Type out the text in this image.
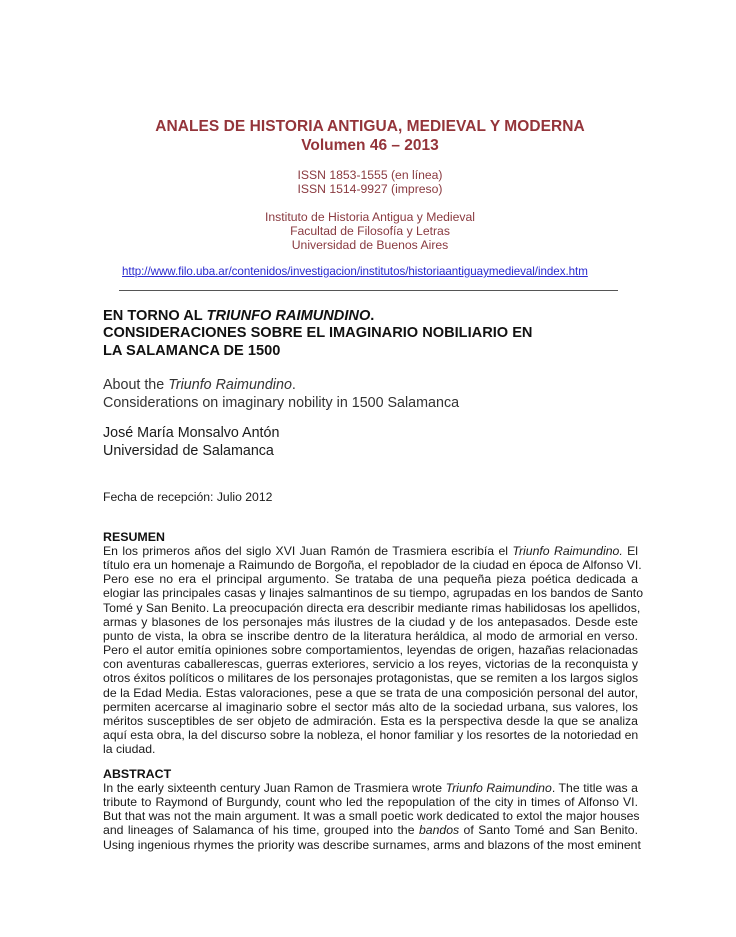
ANALES DE HISTORIA ANTIGUA, MEDIEVAL Y MODERNA
Volumen 46 – 2013
ISSN 1853-1555 (en línea)
ISSN 1514-9927 (impreso)
Instituto de Historia Antigua y Medieval
Facultad de Filosofía y Letras
Universidad de Buenos Aires
http://www.filo.uba.ar/contenidos/investigacion/institutos/historiaantiguaymedieval/index.htm
EN TORNO AL TRIUNFO RAIMUNDINO.
CONSIDERACIONES SOBRE EL IMAGINARIO NOBILIARIO EN
LA SALAMANCA DE 1500
About the Triunfo Raimundino.
Considerations on imaginary nobility in 1500 Salamanca
José María Monsalvo Antón
Universidad de Salamanca
Fecha de recepción: Julio 2012
RESUMEN
En los primeros años del siglo XVI Juan Ramón de Trasmiera escribía el Triunfo Raimundino. El
título era un homenaje a Raimundo de Borgoña, el repoblador de la ciudad en época de Alfonso VI.
Pero ese no era el principal argumento. Se trataba de una pequeña pieza poética dedicada a
elogiar las principales casas y linajes salmantinos de su tiempo, agrupadas en los bandos de Santo
Tomé y San Benito. La preocupación directa era describir mediante rimas habilidosas los apellidos,
armas y blasones de los personajes más ilustres de la ciudad y de los antepasados. Desde este
punto de vista, la obra se inscribe dentro de la literatura heráldica, al modo de armorial en verso.
Pero el autor emitía opiniones sobre comportamientos, leyendas de origen, hazañas relacionadas
con aventuras caballerescas, guerras exteriores, servicio a los reyes, victorias de la reconquista y
otros éxitos políticos o militares de los personajes protagonistas, que se remiten a los largos siglos
de la Edad Media. Estas valoraciones, pese a que se trata de una composición personal del autor,
permiten acercarse al imaginario sobre el sector más alto de la sociedad urbana, sus valores, los
méritos susceptibles de ser objeto de admiración. Esta es la perspectiva desde la que se analiza
aquí esta obra, la del discurso sobre la nobleza, el honor familiar y los resortes de la notoriedad en
la ciudad.
ABSTRACT
In the early sixteenth century Juan Ramon de Trasmiera wrote Triunfo Raimundino. The title was a
tribute to Raymond of Burgundy, count who led the repopulation of the city in times of Alfonso VI.
But that was not the main argument. It was a small poetic work dedicated to extol the major houses
and lineages of Salamanca of his time, grouped into the bandos of Santo Tomé and San Benito.
Using ingenious rhymes the priority was describe surnames, arms and blazons of the most eminent
